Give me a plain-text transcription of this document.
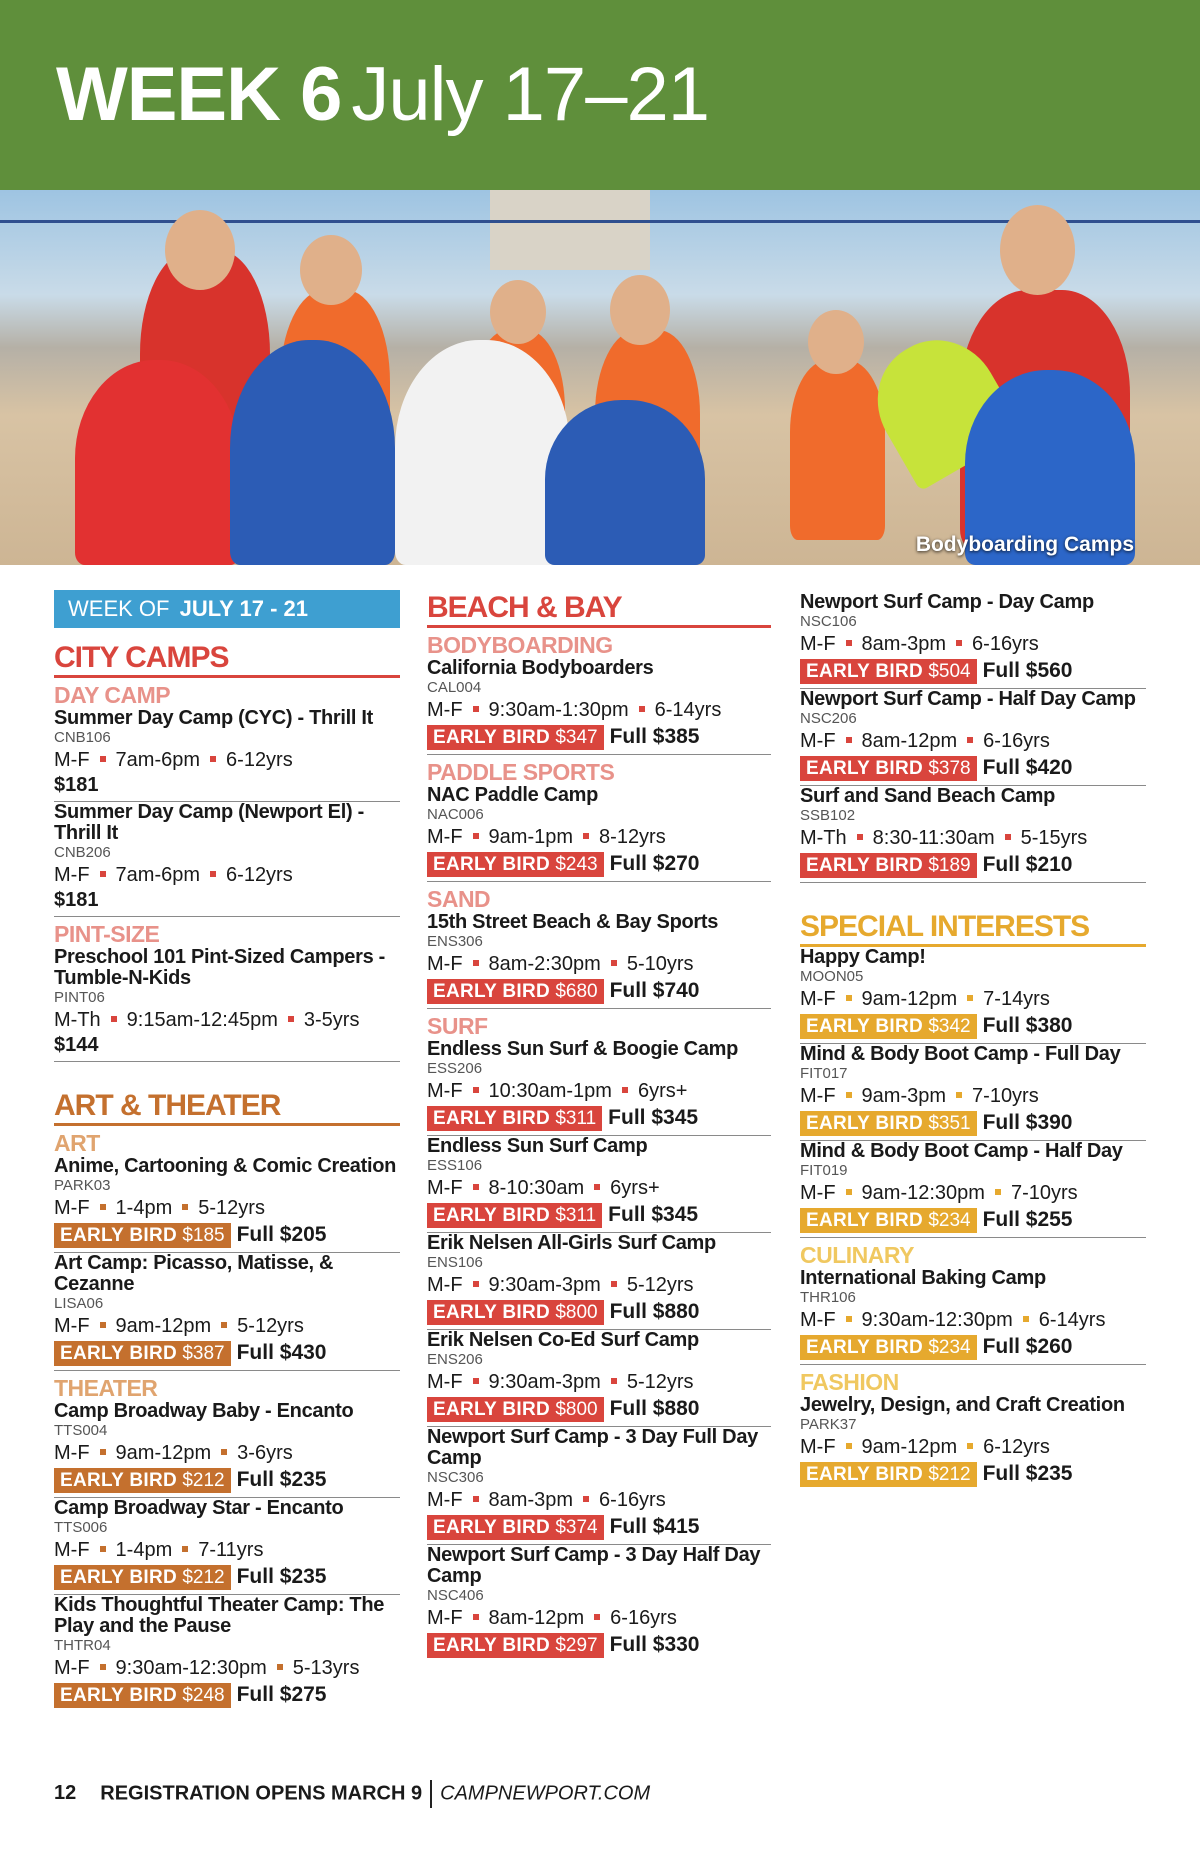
WEEK 6 July 17–21
Bodyboarding Camps
WEEK OF JULY 17 - 21
CITY CAMPS
DAY CAMP
Summer Day Camp (CYC) - Thrill It
CNB106
M-F 7am-6pm 6-12yrs
$181
Summer Day Camp (Newport El) - Thrill It
CNB206
M-F 7am-6pm 6-12yrs
$181
PINT-SIZE
Preschool 101 Pint-Sized Campers - Tumble-N-Kids
PINT06
M-Th 9:15am-12:45pm 3-5yrs
$144
ART & THEATER
ART
Anime, Cartooning & Comic Creation
PARK03
M-F 1-4pm 5-12yrs
EARLY BIRD $185 Full $205
Art Camp: Picasso, Matisse, & Cezanne
LISA06
M-F 9am-12pm 5-12yrs
EARLY BIRD $387 Full $430
THEATER
Camp Broadway Baby - Encanto
TTS004
M-F 9am-12pm 3-6yrs
EARLY BIRD $212 Full $235
Camp Broadway Star - Encanto
TTS006
M-F 1-4pm 7-11yrs
EARLY BIRD $212 Full $235
Kids Thoughtful Theater Camp: The Play and the Pause
THTR04
M-F 9:30am-12:30pm 5-13yrs
EARLY BIRD $248 Full $275
BEACH & BAY
BODYBOARDING
California Bodyboarders
CAL004
M-F 9:30am-1:30pm 6-14yrs
EARLY BIRD $347 Full $385
PADDLE SPORTS
NAC Paddle Camp
NAC006
M-F 9am-1pm 8-12yrs
EARLY BIRD $243 Full $270
SAND
15th Street Beach & Bay Sports
ENS306
M-F 8am-2:30pm 5-10yrs
EARLY BIRD $680 Full $740
SURF
Endless Sun Surf & Boogie Camp
ESS206
M-F 10:30am-1pm 6yrs+
EARLY BIRD $311 Full $345
Endless Sun Surf Camp
ESS106
M-F 8-10:30am 6yrs+
EARLY BIRD $311 Full $345
Erik Nelsen All-Girls Surf Camp
ENS106
M-F 9:30am-3pm 5-12yrs
EARLY BIRD $800 Full $880
Erik Nelsen Co-Ed Surf Camp
ENS206
M-F 9:30am-3pm 5-12yrs
EARLY BIRD $800 Full $880
Newport Surf Camp - 3 Day Full Day Camp
NSC306
M-F 8am-3pm 6-16yrs
EARLY BIRD $374 Full $415
Newport Surf Camp - 3 Day Half Day Camp
NSC406
M-F 8am-12pm 6-16yrs
EARLY BIRD $297 Full $330
Newport Surf Camp - Day Camp
NSC106
M-F 8am-3pm 6-16yrs
EARLY BIRD $504 Full $560
Newport Surf Camp - Half Day Camp
NSC206
M-F 8am-12pm 6-16yrs
EARLY BIRD $378 Full $420
Surf and Sand Beach Camp
SSB102
M-Th 8:30-11:30am 5-15yrs
EARLY BIRD $189 Full $210
SPECIAL INTERESTS
Happy Camp!
MOON05
M-F 9am-12pm 7-14yrs
EARLY BIRD $342 Full $380
Mind & Body Boot Camp - Full Day
FIT017
M-F 9am-3pm 7-10yrs
EARLY BIRD $351 Full $390
Mind & Body Boot Camp - Half Day
FIT019
M-F 9am-12:30pm 7-10yrs
EARLY BIRD $234 Full $255
CULINARY
International Baking Camp
THR106
M-F 9:30am-12:30pm 6-14yrs
EARLY BIRD $234 Full $260
FASHION
Jewelry, Design, and Craft Creation
PARK37
M-F 9am-12pm 6-12yrs
EARLY BIRD $212 Full $235
12 REGISTRATION OPENS MARCH 9 CAMPNEWPORT.COM
